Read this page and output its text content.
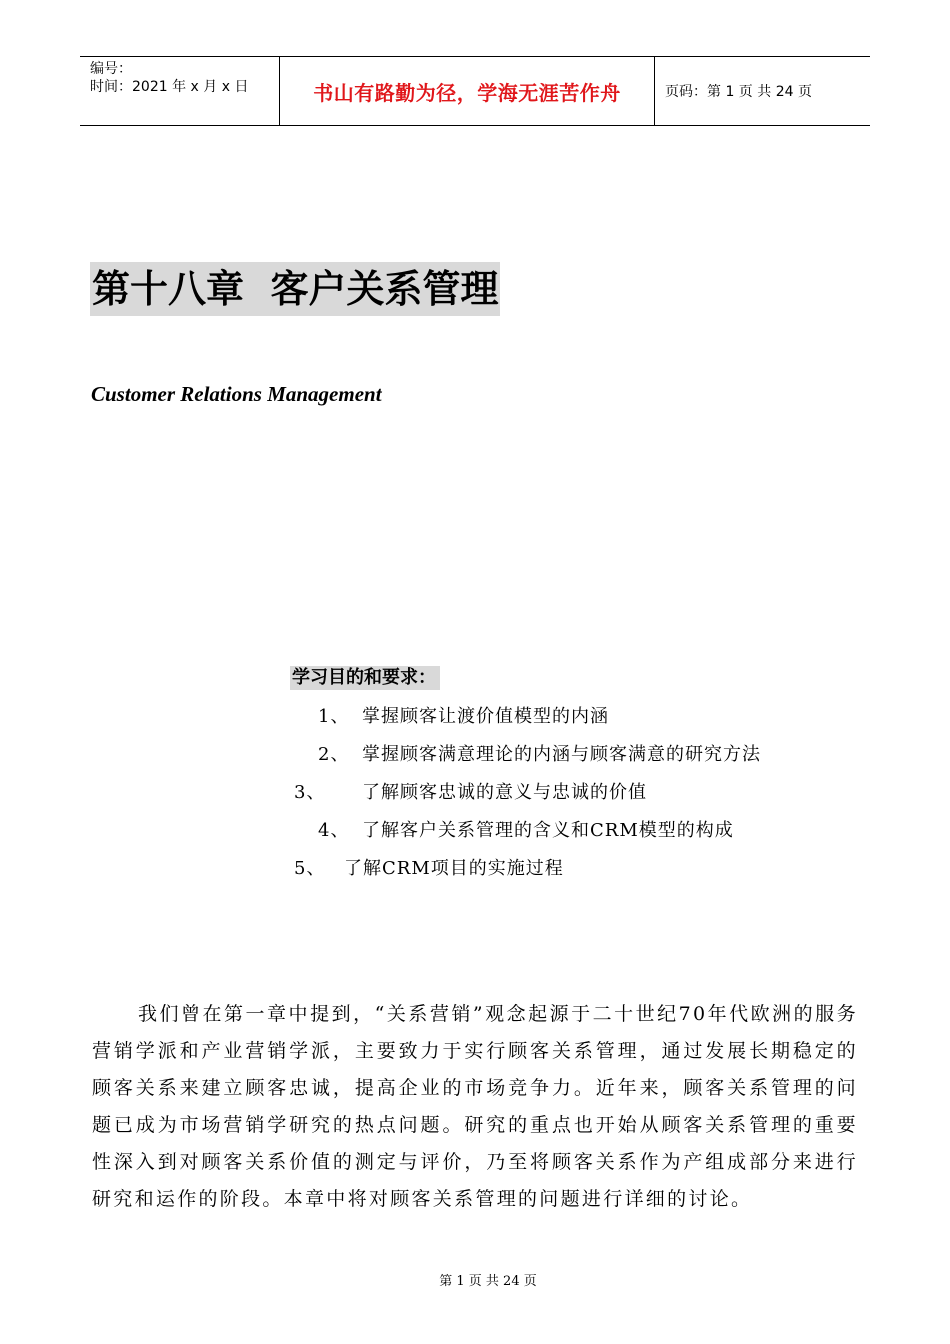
编号：
时间：2021 年 x 月 x 日	书山有路勤为径，学海无涯苦作舟	页码：第 1 页 共 24 页
第十八章  客户关系管理
Customer Relations Management
学习目的和要求：
1、 掌握顾客让渡价值模型的内涵
2、 掌握顾客满意理论的内涵与顾客满意的研究方法
3、 了解顾客忠诚的意义与忠诚的价值
4、 了解客户关系管理的含义和CRM模型的构成
5、 了解CRM项目的实施过程
我们曾在第一章中提到，“关系营销”观念起源于二十世纪70年代欧洲的服务营销学派和产业营销学派，主要致力于实行顾客关系管理，通过发展长期稳定的顾客关系来建立顾客忠诚，提高企业的市场竞争力。近年来，顾客关系管理的问题已成为市场营销学研究的热点问题。研究的重点也开始从顾客关系管理的重要性深入到对顾客关系价值的测定与评价，乃至将顾客关系作为产组成部分来进行研究和运作的阶段。本章中将对顾客关系管理的问题进行详细的讨论。
第 1 页 共 24 页
